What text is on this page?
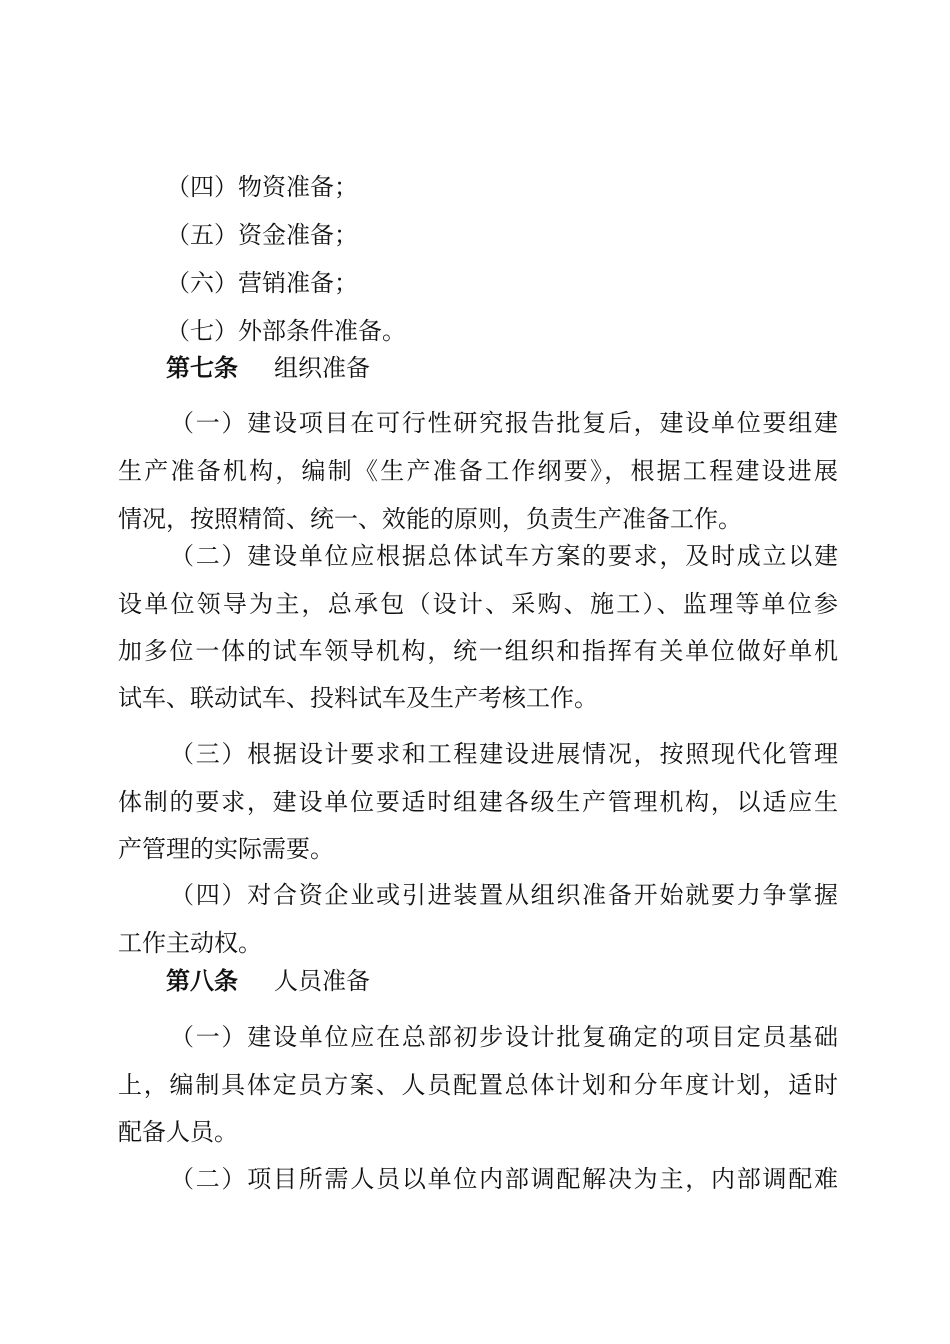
（四）物资准备；

（五）资金准备；

（六）营销准备；

（七）外部条件准备。

第七条 组织准备

（一）建设项目在可行性研究报告批复后，建设单位要组建

生产准备机构，编制《生产准备工作纲要》，根据工程建设进展

情况，按照精简、统一、效能的原则，负责生产准备工作。

（二）建设单位应根据总体试车方案的要求，及时成立以建

设单位领导为主，总承包（设计、采购、施工）、监理等单位参

加多位一体的试车领导机构，统一组织和指挥有关单位做好单机

试车、联动试车、投料试车及生产考核工作。

（三）根据设计要求和工程建设进展情况，按照现代化管理

体制的要求，建设单位要适时组建各级生产管理机构，以适应生

产管理的实际需要。

（四）对合资企业或引进装置从组织准备开始就要力争掌握

工作主动权。

第八条 人员准备

（一）建设单位应在总部初步设计批复确定的项目定员基础

上，编制具体定员方案、人员配置总体计划和分年度计划，适时

配备人员。

（二）项目所需人员以单位内部调配解决为主，内部调配难
